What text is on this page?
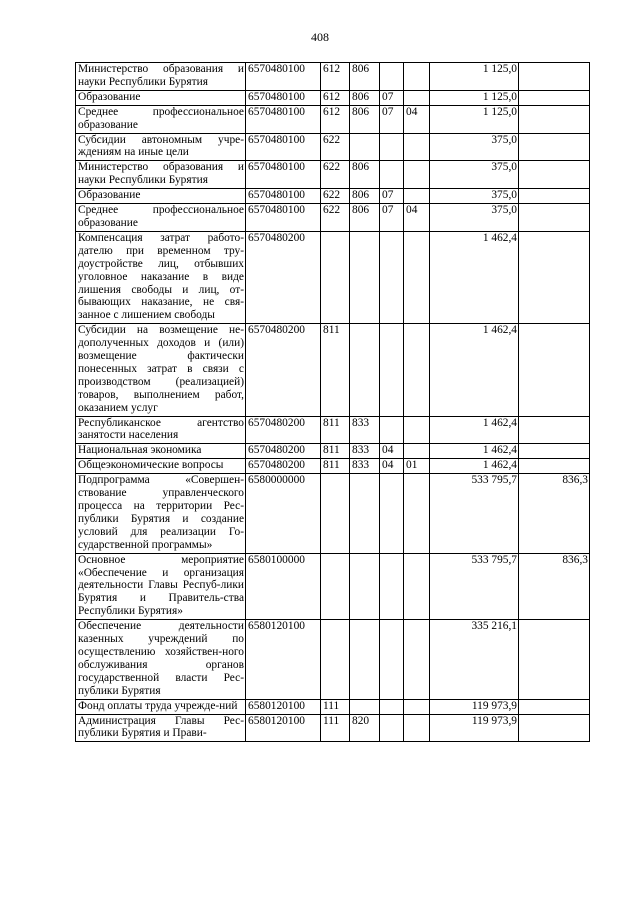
408
Министерство образования и науки Республики Бурятия	6570480100	612	806			1 125,0	
Образование	6570480100	612	806	07		1 125,0	
Среднее профессиональное образование	6570480100	612	806	07	04	1 125,0	
Субсидии автономным учре-ждениям на иные цели	6570480100	622				375,0	
Министерство образования и науки Республики Бурятия	6570480100	622	806			375,0	
Образование	6570480100	622	806	07		375,0	
Среднее профессиональное образование	6570480100	622	806	07	04	375,0	
Компенсация затрат работо-дателю при временном тру-доустройстве лиц, отбывших уголовное наказание в виде лишения свободы и лиц, от-бывающих наказание, не свя-занное с лишением свободы	6570480200					1 462,4	
Субсидии на возмещение не-дополученных доходов и (или) возмещение фактически понесенных затрат в связи с производством (реализацией) товаров, выполнением работ, оказанием услуг	6570480200	811				1 462,4	
Республиканское агентство занятости населения	6570480200	811	833			1 462,4	
Национальная экономика	6570480200	811	833	04		1 462,4	
Общеэкономические вопросы	6570480200	811	833	04	01	1 462,4	
Подпрограмма «Совершен-ствование управленческого процесса на территории Рес-публики Бурятия и создание условий для реализации Го-сударственной программы»	6580000000					533 795,7	836,3
Основное мероприятие «Обеспечение и организация деятельности Главы Респуб-лики Бурятия и Правитель-ства Республики Бурятия»	6580100000					533 795,7	836,3
Обеспечение деятельности казенных учреждений по осуществлению хозяйствен-ного обслуживания органов государственной власти Рес-публики Бурятия	6580120100					335 216,1	
Фонд оплаты труда учрежде-ний	6580120100	111				119 973,9	
Администрация Главы Рес-публики Бурятия и Прави-	6580120100	111	820			119 973,9	
